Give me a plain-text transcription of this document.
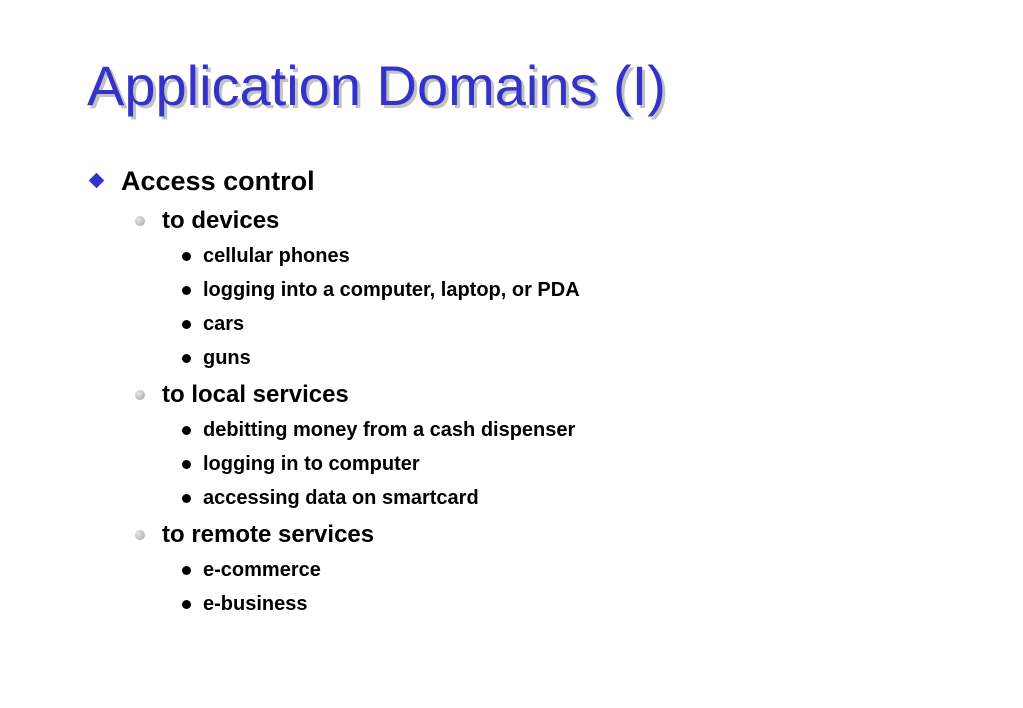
Application Domains (I)
Access control
to devices
cellular phones
logging into a computer, laptop, or PDA
cars
guns
to local services
debitting money from a cash dispenser
logging in to computer
accessing data on smartcard
to remote services
e-commerce
e-business
